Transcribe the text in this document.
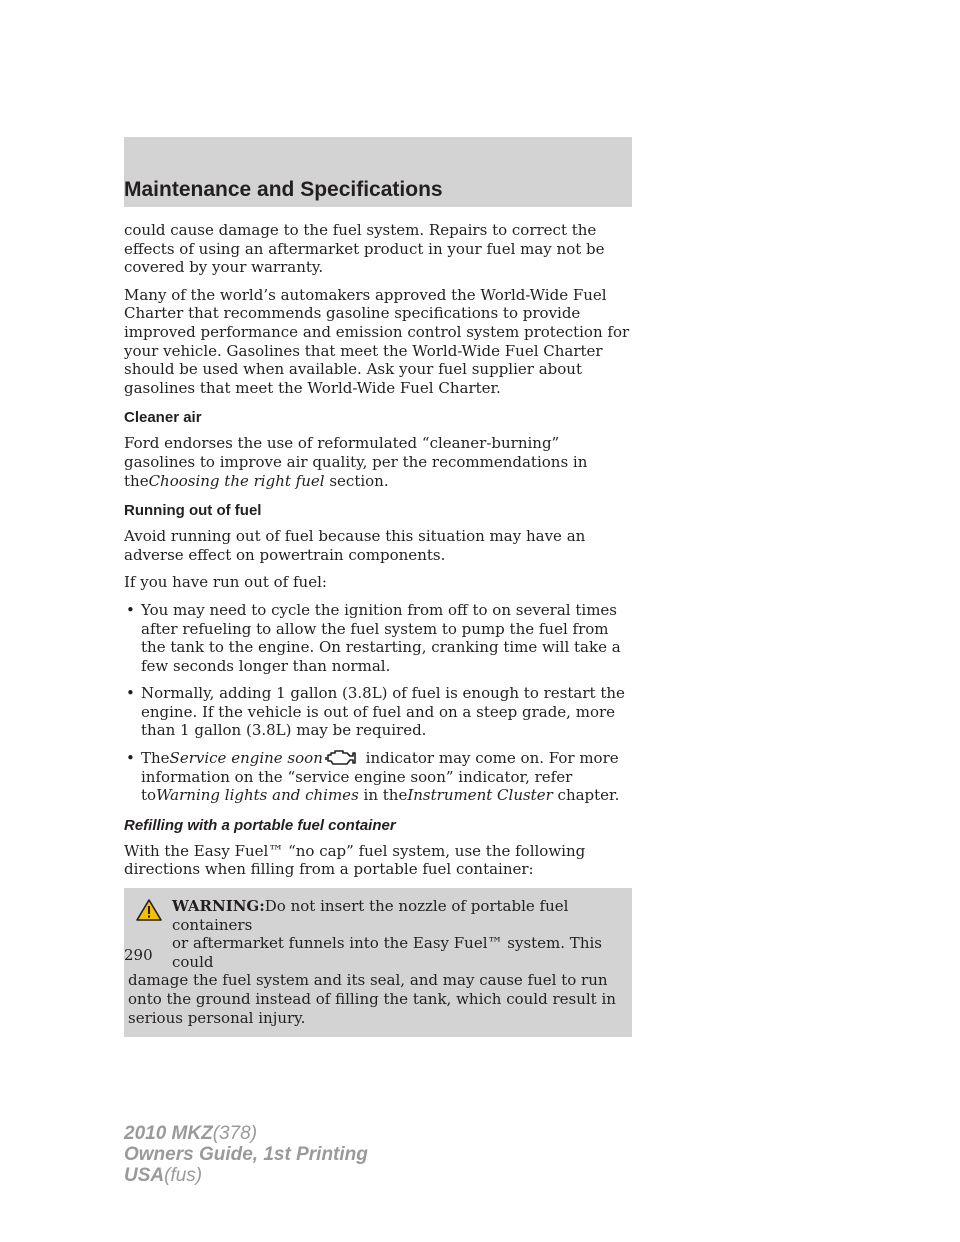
Maintenance and Specifications

could cause damage to the fuel system. Repairs to correct the effects of using an aftermarket product in your fuel may not be covered by your warranty.

Many of the world’s automakers approved the World-Wide Fuel Charter that recommends gasoline specifications to provide improved performance and emission control system protection for your vehicle. Gasolines that meet the World-Wide Fuel Charter should be used when available. Ask your fuel supplier about gasolines that meet the World-Wide Fuel Charter.

Cleaner air

Ford endorses the use of reformulated “cleaner-burning” gasolines to improve air quality, per the recommendations in theChoosing the right fuel section.

Running out of fuel

Avoid running out of fuel because this situation may have an adverse effect on powertrain components.

If you have run out of fuel:

• You may need to cycle the ignition from off to on several times after refueling to allow the fuel system to pump the fuel from the tank to the engine. On restarting, cranking time will take a few seconds longer than normal.
• Normally, adding 1 gallon (3.8L) of fuel is enough to restart the engine. If the vehicle is out of fuel and on a steep grade, more than 1 gallon (3.8L) may be required.
• TheService engine soon	indicator may come on. For more information on the “service engine soon” indicator, refer toWarning lights and chimes in theInstrument Cluster chapter.
Refilling with a portable fuel container

With the Easy Fuel™ “no cap” fuel system, use the following directions when filling from a portable fuel container:

WARNING:Do not insert the nozzle of portable fuel containers
or aftermarket funnels into the Easy Fuel™ system. This could
damage the fuel system and its seal, and may cause fuel to run onto the ground instead of filling the tank, which could result in serious personal injury.
290
2010 MKZ(378)
Owners Guide, 1st Printing
USA(fus)
